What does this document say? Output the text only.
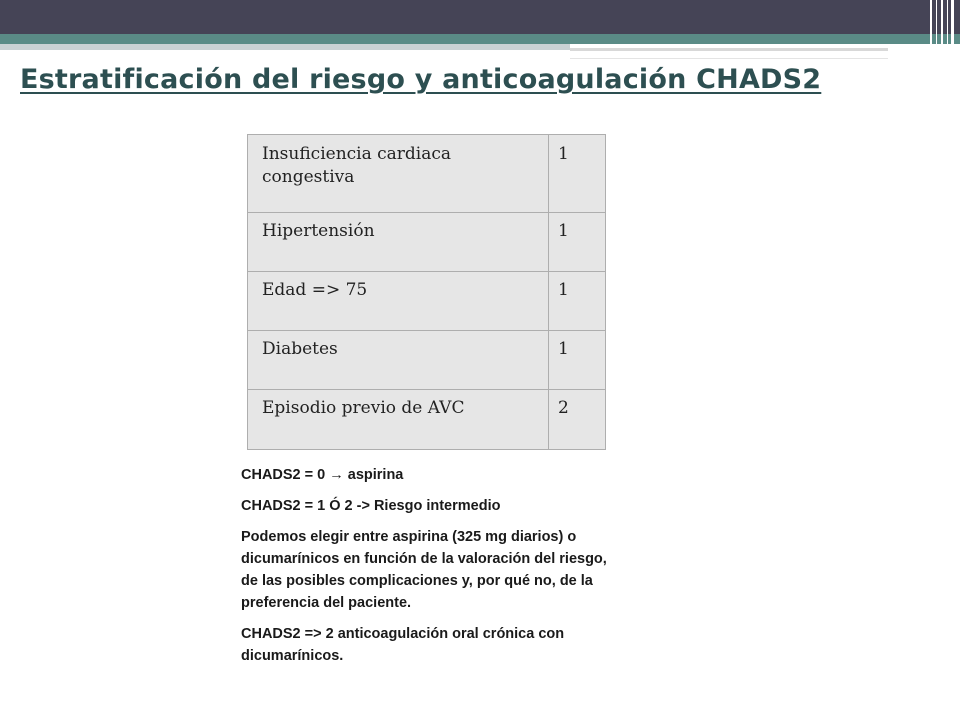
Estratificación del riesgo y anticoagulación CHADS2
Insuficiencia cardiaca congestiva	1
Hipertensión	1
Edad => 75	1
Diabetes	1
Episodio previo de AVC	2

CHADS2 = 0 → aspirina

CHADS2 = 1 Ó 2 -> Riesgo intermedio

Podemos elegir entre aspirina (325 mg diarios) o dicumarínicos en función de la valoración del riesgo, de las posibles complicaciones y, por qué no, de la preferencia del paciente.

CHADS2 => 2 anticoagulación oral crónica con dicumarínicos.
